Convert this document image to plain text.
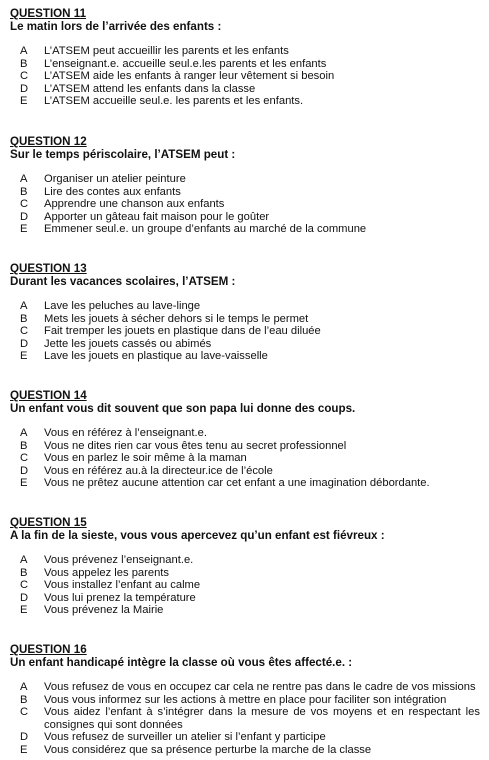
QUESTION 11
Le matin lors de l’arrivée des enfants :
A	L’ATSEM peut accueillir les parents et les enfants
B	L’enseignant.e. accueille seul.e.les parents et les enfants
C	L’ATSEM aide les enfants à ranger leur vêtement si besoin
D	L’ATSEM attend les enfants dans la classe
E	L’ATSEM accueille seul.e. les parents et les enfants.
QUESTION 12
Sur le temps périscolaire, l’ATSEM peut :
A	Organiser un atelier peinture
B	Lire des contes aux enfants
C	Apprendre une chanson aux enfants
D	Apporter un gâteau fait maison pour le goûter
E	Emmener seul.e. un groupe d’enfants au marché de la commune
QUESTION 13
Durant les vacances scolaires, l’ATSEM :
A	Lave les peluches au lave-linge
B	Mets les jouets à sécher dehors si le temps le permet
C	Fait tremper les jouets en plastique dans de l’eau diluée
D	Jette les jouets cassés ou abimés
E	Lave les jouets en plastique au lave-vaisselle
QUESTION 14
Un enfant vous dit souvent que son papa lui donne des coups.
A	Vous en référez à l’enseignant.e.
B	Vous ne dites rien car vous êtes tenu au secret professionnel
C	Vous en parlez le soir même à la maman
D	Vous en référez au.à la directeur.ice de l’école
E	Vous ne prêtez aucune attention car cet enfant a une imagination débordante.
QUESTION 15
A la fin de la sieste, vous vous apercevez qu’un enfant est fiévreux :
A	Vous prévenez l’enseignant.e.
B	Vous appelez les parents
C	Vous installez l’enfant au calme
D	Vous lui prenez la température
E	Vous prévenez la Mairie
QUESTION 16
Un enfant handicapé intègre la classe où vous êtes affecté.e. :
A	Vous refusez de vous en occupez car cela ne rentre pas dans le cadre de vos missions
B	Vous vous informez sur les actions à mettre en place pour faciliter son intégration
C	Vous aidez l’enfant à s’intégrer dans la mesure de vos moyens et en respectant les consignes qui sont données
D	Vous refusez de surveiller un atelier si l’enfant y participe
E	Vous considérez que sa présence perturbe la marche de la classe
